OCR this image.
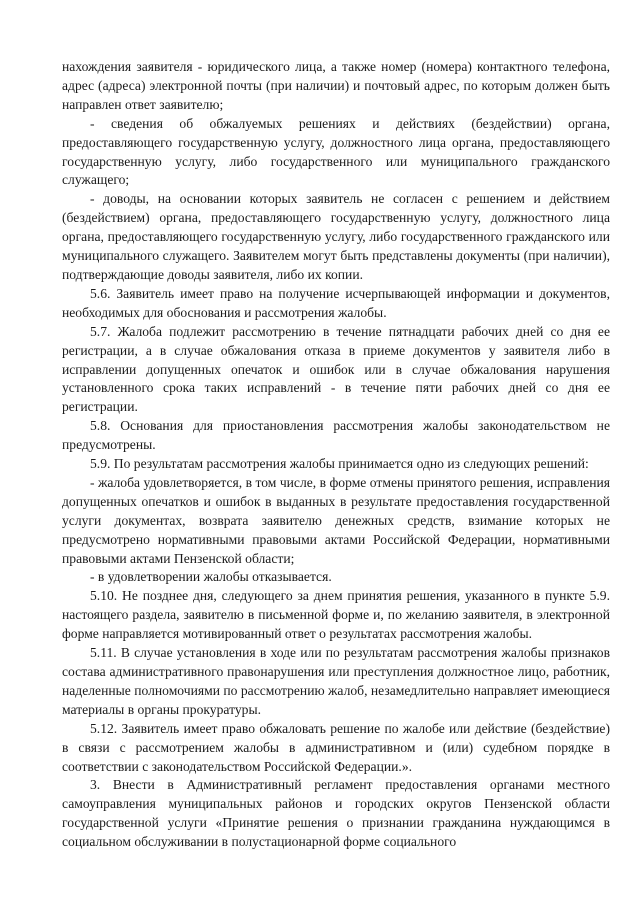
нахождения заявителя - юридического лица, а также номер (номера) контактного телефона, адрес (адреса) электронной почты (при наличии) и почтовый адрес, по которым должен быть направлен ответ заявителю;

- сведения об обжалуемых решениях и действиях (бездействии) органа, предоставляющего государственную услугу, должностного лица органа, предоставляющего государственную услугу, либо государственного или муниципального гражданского служащего;

- доводы, на основании которых заявитель не согласен с решением и действием (бездействием) органа, предоставляющего государственную услугу, должностного лица органа, предоставляющего государственную услугу, либо государственного гражданского или муниципального служащего. Заявителем могут быть представлены документы (при наличии), подтверждающие доводы заявителя, либо их копии.

5.6. Заявитель имеет право на получение исчерпывающей информации и документов, необходимых для обоснования и рассмотрения жалобы.

5.7. Жалоба подлежит рассмотрению в течение пятнадцати рабочих дней со дня ее регистрации, а в случае обжалования отказа в приеме документов у заявителя либо в исправлении допущенных опечаток и ошибок или в случае обжалования нарушения установленного срока таких исправлений - в течение пяти рабочих дней со дня ее регистрации.

5.8. Основания для приостановления рассмотрения жалобы законодательством не предусмотрены.

5.9. По результатам рассмотрения жалобы принимается одно из следующих решений:

- жалоба удовлетворяется, в том числе, в форме отмены принятого решения, исправления допущенных опечатков и ошибок в выданных в результате предоставления государственной услуги документах, возврата заявителю денежных средств, взимание которых не предусмотрено нормативными правовыми актами Российской Федерации, нормативными правовыми актами Пензенской области;

- в удовлетворении жалобы отказывается.

5.10. Не позднее дня, следующего за днем принятия решения, указанного в пункте 5.9. настоящего раздела, заявителю в письменной форме и, по желанию заявителя, в электронной форме направляется мотивированный ответ о результатах рассмотрения жалобы.

5.11. В случае установления в ходе или по результатам рассмотрения жалобы признаков состава административного правонарушения или преступления должностное лицо, работник, наделенные полномочиями по рассмотрению жалоб, незамедлительно направляет имеющиеся материалы в органы прокуратуры.

5.12. Заявитель имеет право обжаловать решение по жалобе или действие (бездействие) в связи с рассмотрением жалобы в административном и (или) судебном порядке в соответствии с законодательством Российской Федерации.».

3. Внести в Административный регламент предоставления органами местного самоуправления муниципальных районов и городских округов Пензенской области государственной услуги «Принятие решения о признании гражданина нуждающимся в социальном обслуживании в полустационарной форме социального
